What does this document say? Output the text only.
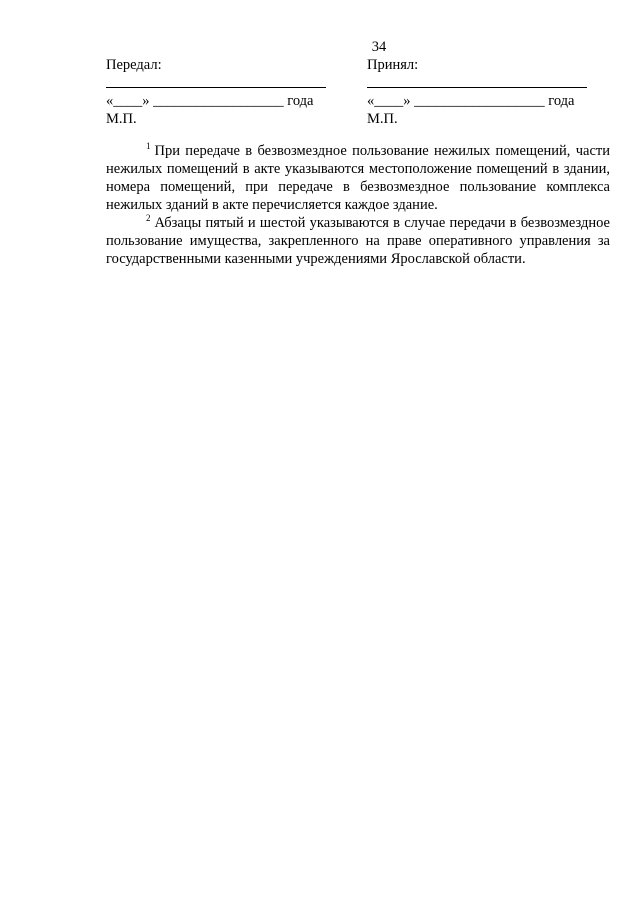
34
Передал:
«____» __________________ года
М.П.
Принял:
«____» __________________ года
М.П.

$^1$ При передаче в безвозмездное пользование нежилых помещений, части нежилых помещений в акте указываются местоположение помещений в здании, номера помещений, при передаче в безвозмездное пользование комплекса нежилых зданий в акте перечисляется каждое здание.

$^2$ Абзацы пятый и шестой указываются в случае передачи в безвозмездное пользование имущества, закрепленного на праве оперативного управления за государственными казенными учреждениями Ярославской области.
